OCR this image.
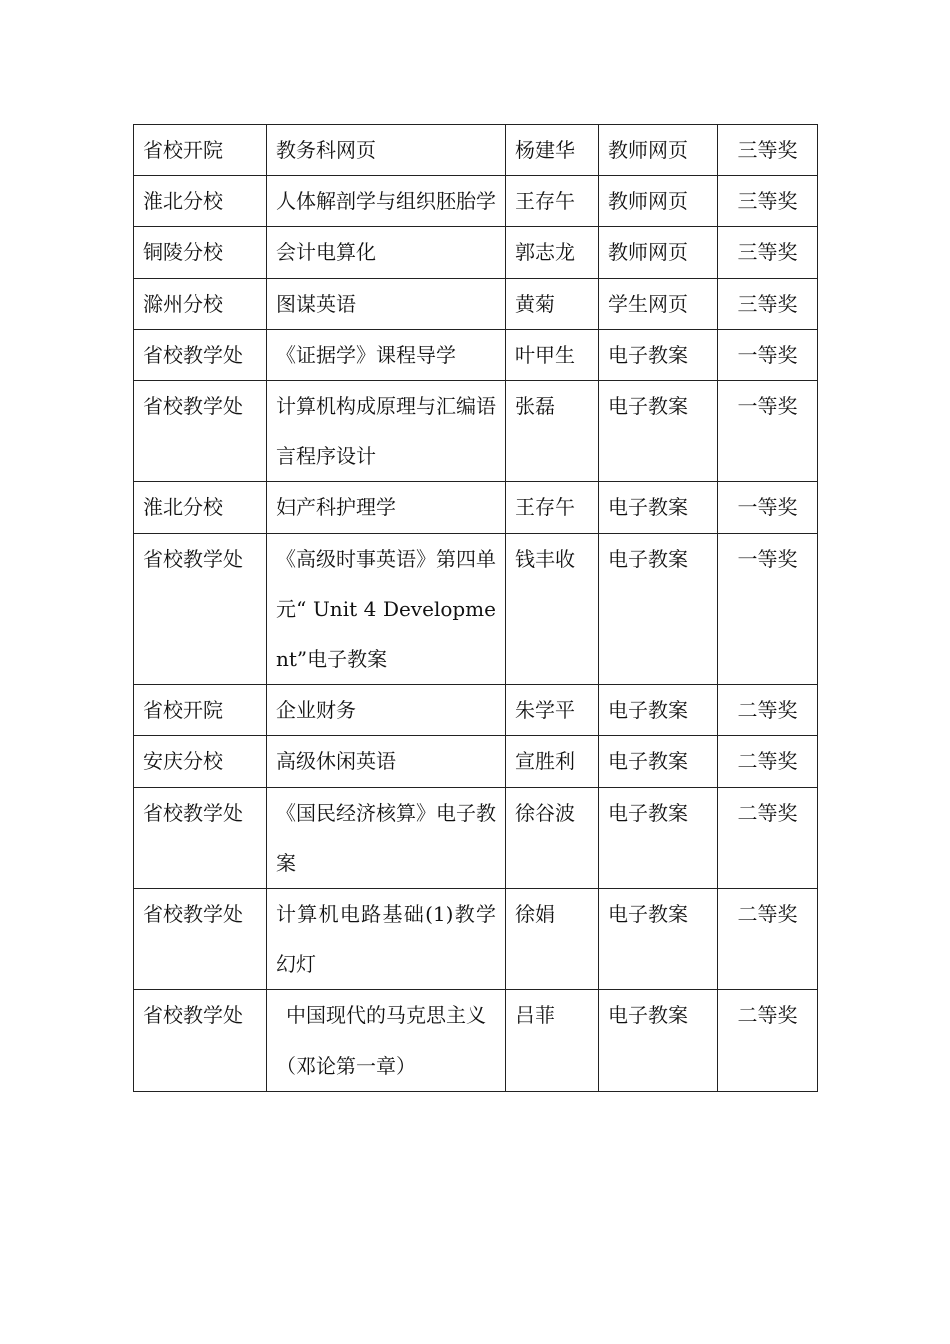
省校开院	教务科网页	杨建华	教师网页	三等奖
淮北分校	人体解剖学与组织胚胎学	王存午	教师网页	三等奖
铜陵分校	会计电算化	郭志龙	教师网页	三等奖
滁州分校	图谋英语	黄菊	学生网页	三等奖
省校教学处	《证据学》课程导学	叶甲生	电子教案	一等奖
省校教学处	计算机构成原理与汇编语言程序设计	张磊	电子教案	一等奖
淮北分校	妇产科护理学	王存午	电子教案	一等奖
省校教学处	《高级时事英语》第四单元“ Unit 4 Development”电子教案	钱丰收	电子教案	一等奖
省校开院	企业财务	朱学平	电子教案	二等奖
安庆分校	高级休闲英语	宣胜利	电子教案	二等奖
省校教学处	《国民经济核算》电子教案	徐谷波	电子教案	二等奖
省校教学处	计算机电路基础(1)教学幻灯	徐娟	电子教案	二等奖
省校教学处	中国现代的马克思主义（邓论第一章）	吕菲	电子教案	二等奖
